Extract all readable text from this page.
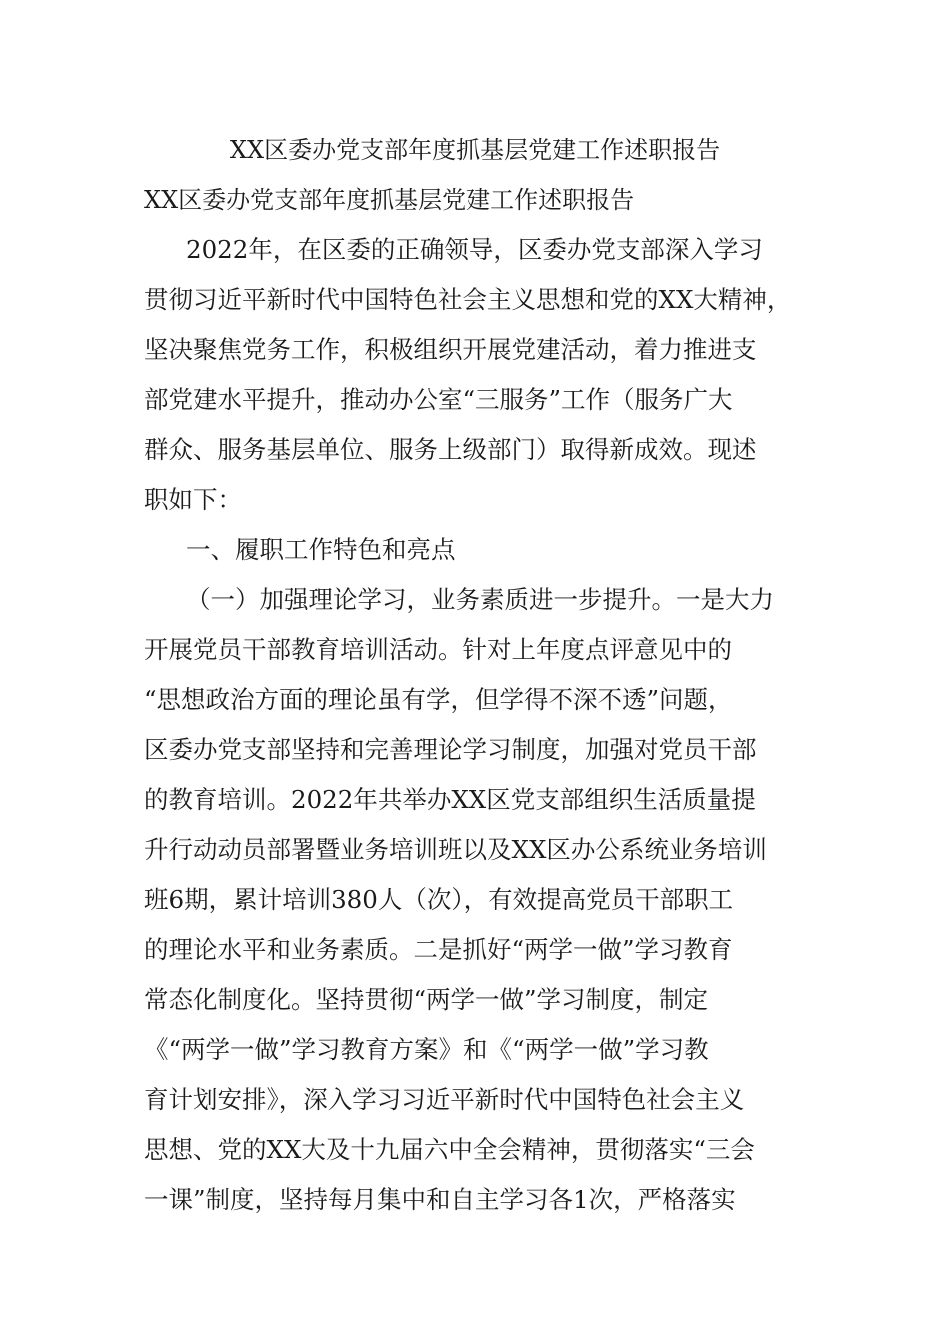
XX区委办党支部年度抓基层党建工作述职报告

XX区委办党支部年度抓基层党建工作述职报告

2022年，在区委的正确领导，区委办党支部深入学习

贯彻习近平新时代中国特色社会主义思想和党的XX大精神，

坚决聚焦党务工作，积极组织开展党建活动，着力推进支

部党建水平提升，推动办公室“三服务”工作（服务广大

群众、服务基层单位、服务上级部门）取得新成效。现述

职如下：

一、履职工作特色和亮点

（一）加强理论学习，业务素质进一步提升。一是大力

开展党员干部教育培训活动。针对上年度点评意见中的

“思想政治方面的理论虽有学，但学得不深不透”问题，

区委办党支部坚持和完善理论学习制度，加强对党员干部

的教育培训。2022年共举办XX区党支部组织生活质量提

升行动动员部署暨业务培训班以及XX区办公系统业务培训

班6期，累计培训380人（次），有效提高党员干部职工

的理论水平和业务素质。二是抓好“两学一做”学习教育

常态化制度化。坚持贯彻“两学一做”学习制度，制定

《“两学一做”学习教育方案》和《“两学一做”学习教

育计划安排》，深入学习习近平新时代中国特色社会主义

思想、党的XX大及十九届六中全会精神，贯彻落实“三会

一课”制度，坚持每月集中和自主学习各1次，严格落实
